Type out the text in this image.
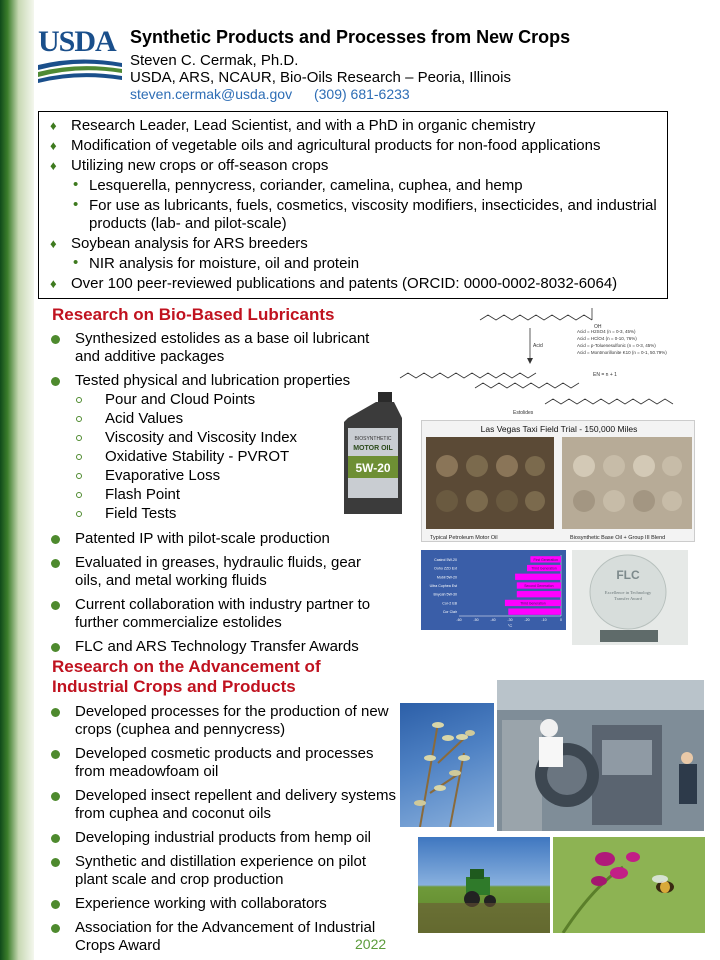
USDA Synthetic Products and Processes from New Crops
Steven C. Cermak, Ph.D.
USDA, ARS, NCAUR, Bio-Oils Research – Peoria, Illinois
steven.cermak@usda.gov (309) 681-6233
♦ Research Leader, Lead Scientist, and with a PhD in organic chemistry
♦ Modification of vegetable oils and agricultural products for non-food applications
♦ Utilizing new crops or off-season crops
• Lesquerella, pennycress, coriander, camelina, cuphea, and hemp
• For use as lubricants, fuels, cosmetics, viscosity modifiers, insecticides, and industrial products (lab- and pilot-scale)
♦ Soybean analysis for ARS breeders
• NIR analysis for moisture, oil and protein
♦ Over 100 peer-reviewed publications and patents (ORCID: 0000-0002-8032-6064)
Research on Bio-Based Lubricants
Synthesized estolides as a base oil lubricant and additive packages
Tested physical and lubrication properties
Pour and Cloud Points
Acid Values
Viscosity and Viscosity Index
Oxidative Stability - PVROT
Evaporative Loss
Flash Point
Field Tests
Patented IP with pilot-scale production
Evaluated in greases, hydraulic fluids, gear oils, and metal working fluids
Current collaboration with industry partner to further commercialize estolides
FLC and ARS Technology Transfer Awards
OH
Acid
Acid = H2SO4 (n = 0-3, 45%)
Acid = HClO4 (n = 0-10, 76%)
Acid = p-Toluenesulfonic (n = 0-3, 45%)
Acid = Montmorillonite K10 (n = 0-1, 50.79%)
EN = n + 1
Estolides
BIOSYNTHETIC
MOTOR OIL
5W-20
Las Vegas Taxi Field Trial - 150,000 Miles
Typical Petroleum Motor Oil	Biosynthetic Base Oil + Group III Blend
Castrol 5W-20
Ooho ZZD Ext
Mobil 5W-20
Ultra Cuphea Est
Bnycah 5W-30
Cor-2 EB
Cor Clair
First Generation
Second Generation
Third Generation
Third Generation
-60	-50	-40	-30	-20	-10	0
°C
FLC
Excellence in Technology
Transfer Award
Research on the Advancement of
Industrial Crops and Products
Developed processes for the production of new crops (cuphea and pennycress)
Developed cosmetic products and processes from meadowfoam oil
Developed insect repellent and delivery systems from cuphea and coconut oils
Developing industrial products from hemp oil
Synthetic and distillation experience on pilot plant scale and crop production
Experience working with collaborators
Association for the Advancement of Industrial Crops Award	2022
